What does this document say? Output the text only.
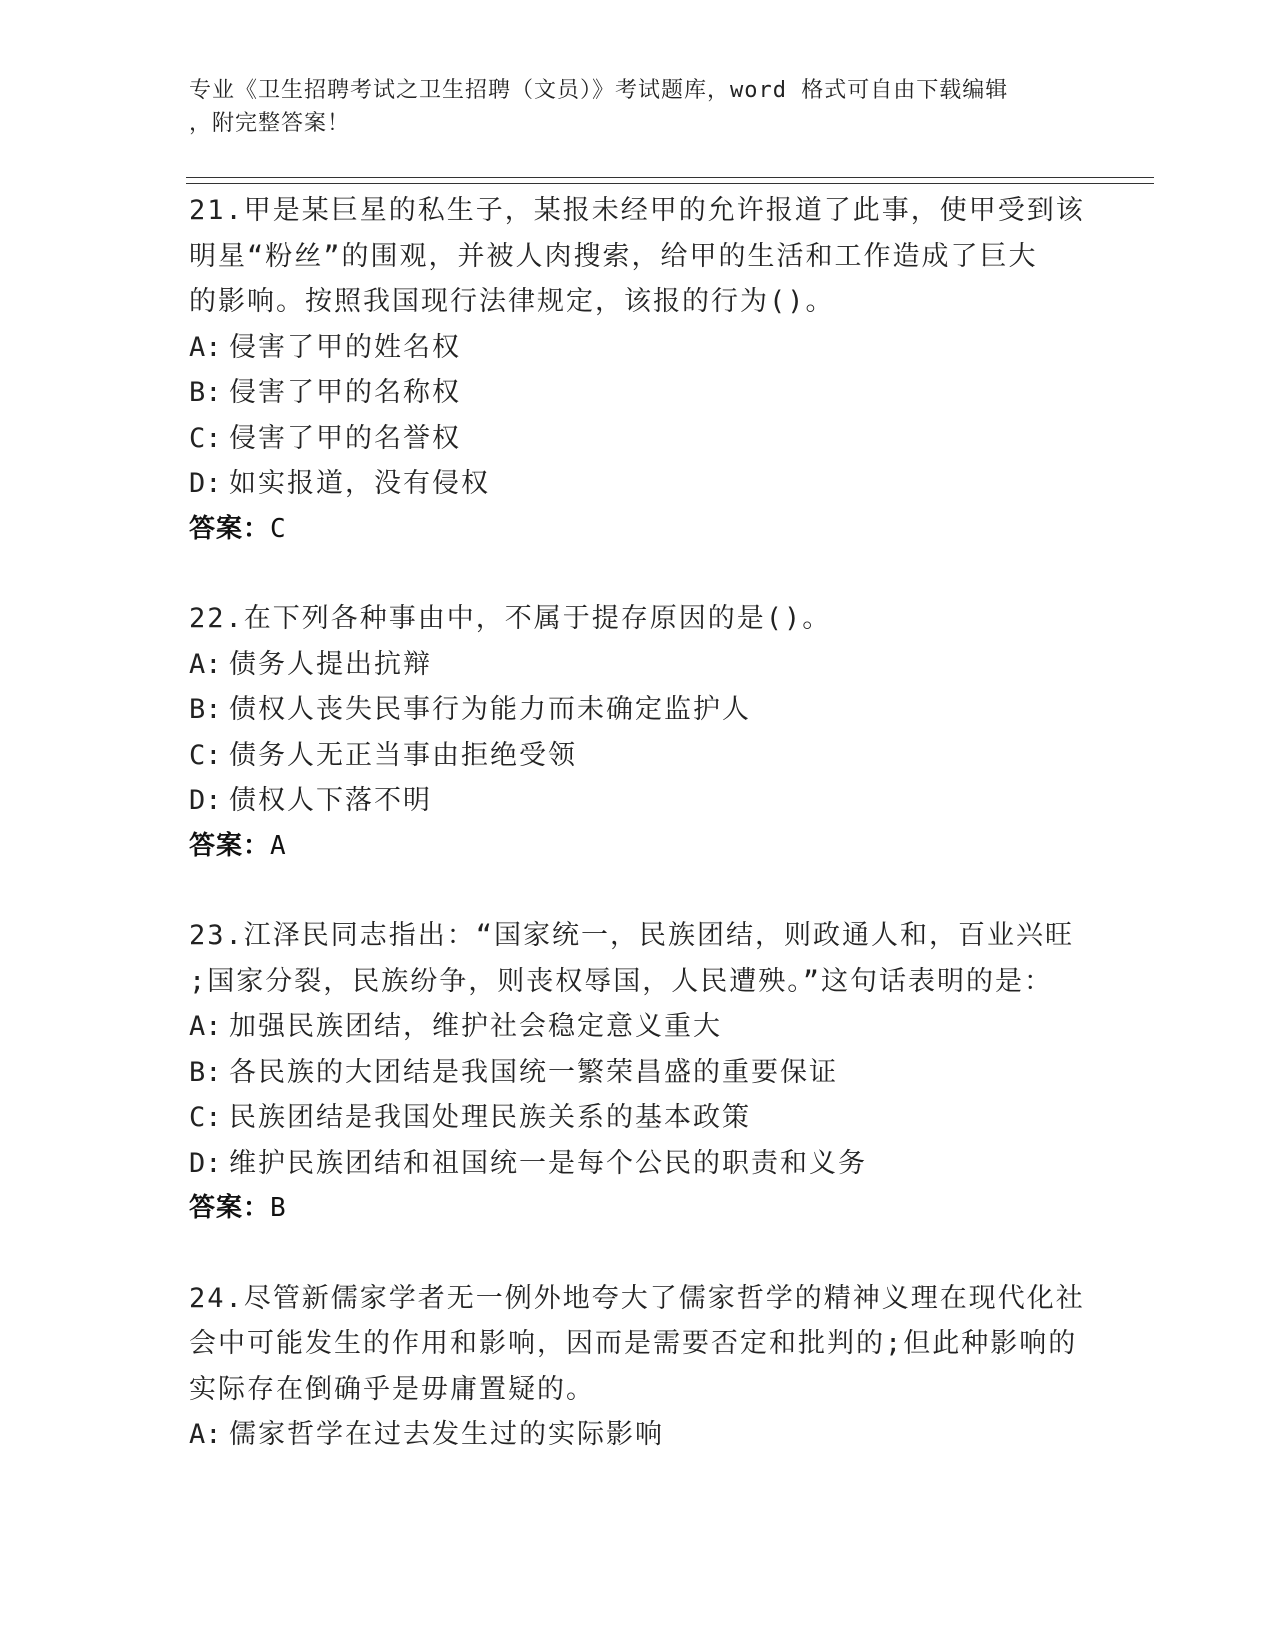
专业《卫生招聘考试之卫生招聘（文员）》考试题库，word 格式可自由下载编辑
，附完整答案！
21.甲是某巨星的私生子，某报未经甲的允许报道了此事，使甲受到该
明星“粉丝”的围观，并被人肉搜索，给甲的生活和工作造成了巨大
的影响。按照我国现行法律规定，该报的行为()。
A: 侵害了甲的姓名权
B: 侵害了甲的名称权
C: 侵害了甲的名誉权
D: 如实报道，没有侵权
答案：C
22.在下列各种事由中，不属于提存原因的是()。
A: 债务人提出抗辩
B: 债权人丧失民事行为能力而未确定监护人
C: 债务人无正当事由拒绝受领
D: 债权人下落不明
答案：A
23.江泽民同志指出：“国家统一，民族团结，则政通人和，百业兴旺
;国家分裂，民族纷争，则丧权辱国，人民遭殃。”这句话表明的是：
A: 加强民族团结，维护社会稳定意义重大
B: 各民族的大团结是我国统一繁荣昌盛的重要保证
C: 民族团结是我国处理民族关系的基本政策
D: 维护民族团结和祖国统一是每个公民的职责和义务
答案：B
24.尽管新儒家学者无一例外地夸大了儒家哲学的精神义理在现代化社
会中可能发生的作用和影响，因而是需要否定和批判的;但此种影响的
实际存在倒确乎是毋庸置疑的。
A: 儒家哲学在过去发生过的实际影响
